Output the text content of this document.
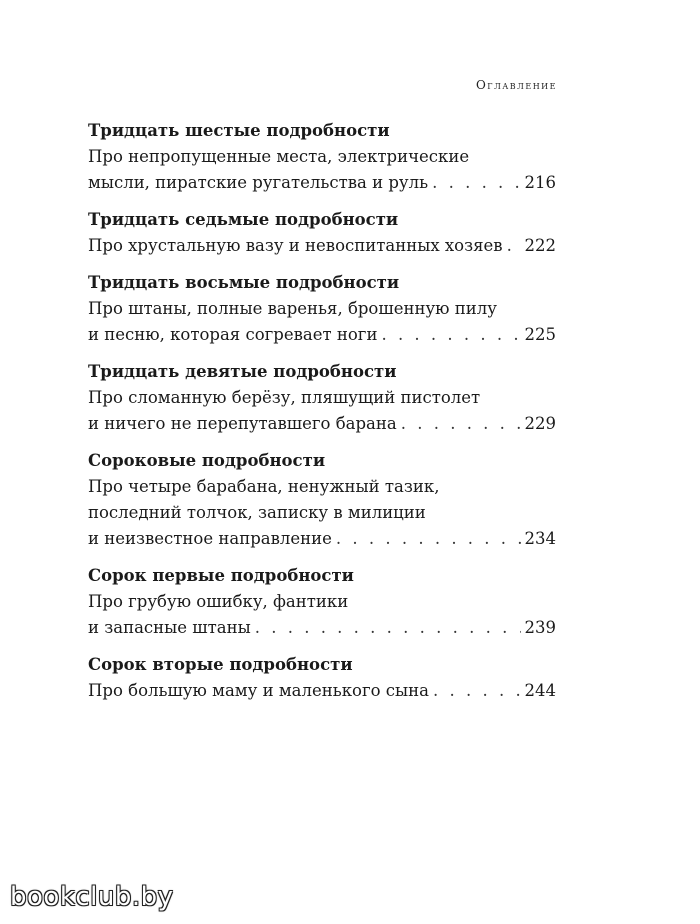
Оглавление
Тридцать шестые подробности
Про непропущенные места, электрические
мысли, пиратские ругательства и руль . . .	216
Тридцать седьмые подробности
Про хрустальную вазу и невоспитанных хозяев . . . 222
Тридцать восьмые подробности
Про штаны, полные варенья, брошенную пилу
и песню, которая согревает ноги . . .	225
Тридцать девятые подробности
Про сломанную берёзу, пляшущий пистолет
и ничего не перепутавшего барана . . .	229
Сороковые подробности
Про четыре барабана, ненужный тазик,
последний толчок, записку в милиции
и неизвестное направление . . .	234
Сорок первые подробности
Про грубую ошибку, фантики
и запасные штаны . . .	239
Сорок вторые подробности
Про большую маму и маленького сына . . .	244
bookclub.by
